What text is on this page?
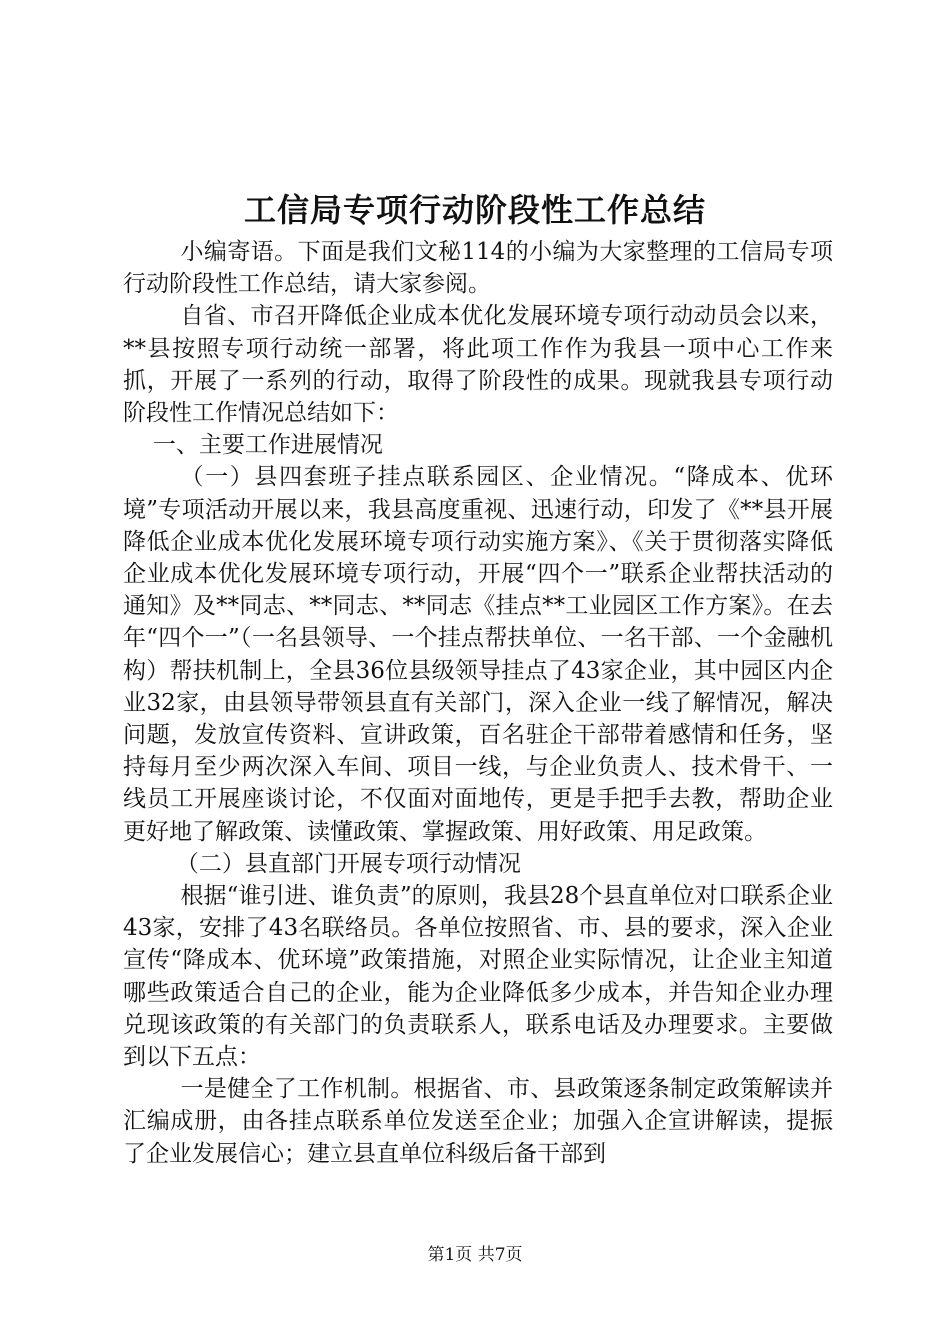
工信局专项行动阶段性工作总结

小编寄语。下面是我们文秘114的小编为大家整理的工信局专项行动阶段性工作总结，请大家参阅。

自省、市召开降低企业成本优化发展环境专项行动动员会以来，**县按照专项行动统一部署，将此项工作作为我县一项中心工作来抓，开展了一系列的行动，取得了阶段性的成果。现就我县专项行动阶段性工作情况总结如下：

一、主要工作进展情况

（一）县四套班子挂点联系园区、企业情况。“降成本、优环境”专项活动开展以来，我县高度重视、迅速行动，印发了《**县开展降低企业成本优化发展环境专项行动实施方案》、《关于贯彻落实降低企业成本优化发展环境专项行动，开展“四个一”联系企业帮扶活动的通知》及**同志、**同志、**同志《挂点**工业园区工作方案》。在去年“四个一”（一名县领导、一个挂点帮扶单位、一名干部、一个金融机构）帮扶机制上，全县36位县级领导挂点了43家企业，其中园区内企业32家，由县领导带领县直有关部门，深入企业一线了解情况，解决问题，发放宣传资料、宣讲政策，百名驻企干部带着感情和任务，坚持每月至少两次深入车间、项目一线，与企业负责人、技术骨干、一线员工开展座谈讨论，不仅面对面地传，更是手把手去教，帮助企业更好地了解政策、读懂政策、掌握政策、用好政策、用足政策。

（二）县直部门开展专项行动情况

根据“谁引进、谁负责”的原则，我县28个县直单位对口联系企业43家，安排了43名联络员。各单位按照省、市、县的要求，深入企业宣传“降成本、优环境”政策措施，对照企业实际情况，让企业主知道哪些政策适合自己的企业，能为企业降低多少成本，并告知企业办理兑现该政策的有关部门的负责联系人，联系电话及办理要求。主要做到以下五点：

一是健全了工作机制。根据省、市、县政策逐条制定政策解读并汇编成册，由各挂点联系单位发送至企业；加强入企宣讲解读，提振了企业发展信心；建立县直单位科级后备干部到

第1页 共7页
